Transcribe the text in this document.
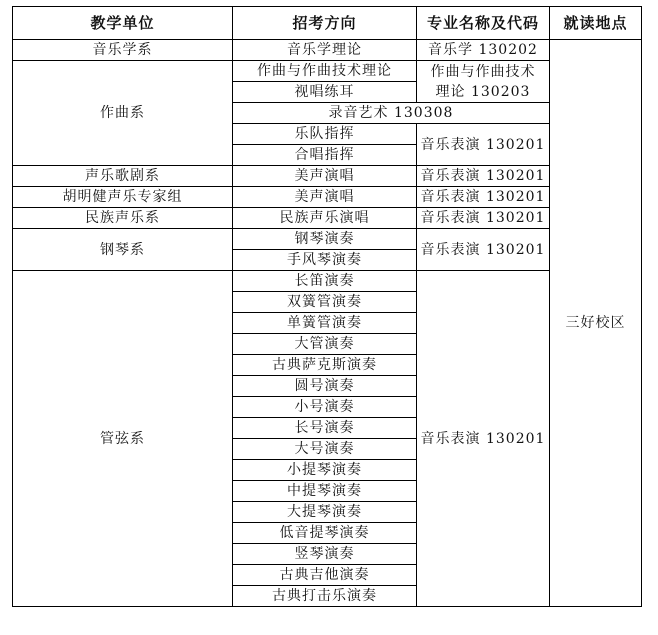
教学单位	招考方向	专业名称及代码	就读地点
音乐学系	音乐学理论	音乐学 130202	三好校区
作曲系	作曲与作曲技术理论	作曲与作曲技术
理论 130203	
	视唱练耳		
	录音艺术 130308		
	乐队指挥	音乐表演 130201	
	合唱指挥		
声乐歌剧系	美声演唱	音乐表演 130201	
胡明健声乐专家组	美声演唱	音乐表演 130201	
民族声乐系	民族声乐演唱	音乐表演 130201	
钢琴系	钢琴演奏	音乐表演 130201	
	手风琴演奏		
管弦系	长笛演奏	音乐表演 130201	
	双簧管演奏		
	单簧管演奏		
	大管演奏		
	古典萨克斯演奏		
	圆号演奏		
	小号演奏		
	长号演奏		
	大号演奏		
	小提琴演奏		
	中提琴演奏		
	大提琴演奏		
	低音提琴演奏		
	竖琴演奏		
	古典吉他演奏		
	古典打击乐演奏		
